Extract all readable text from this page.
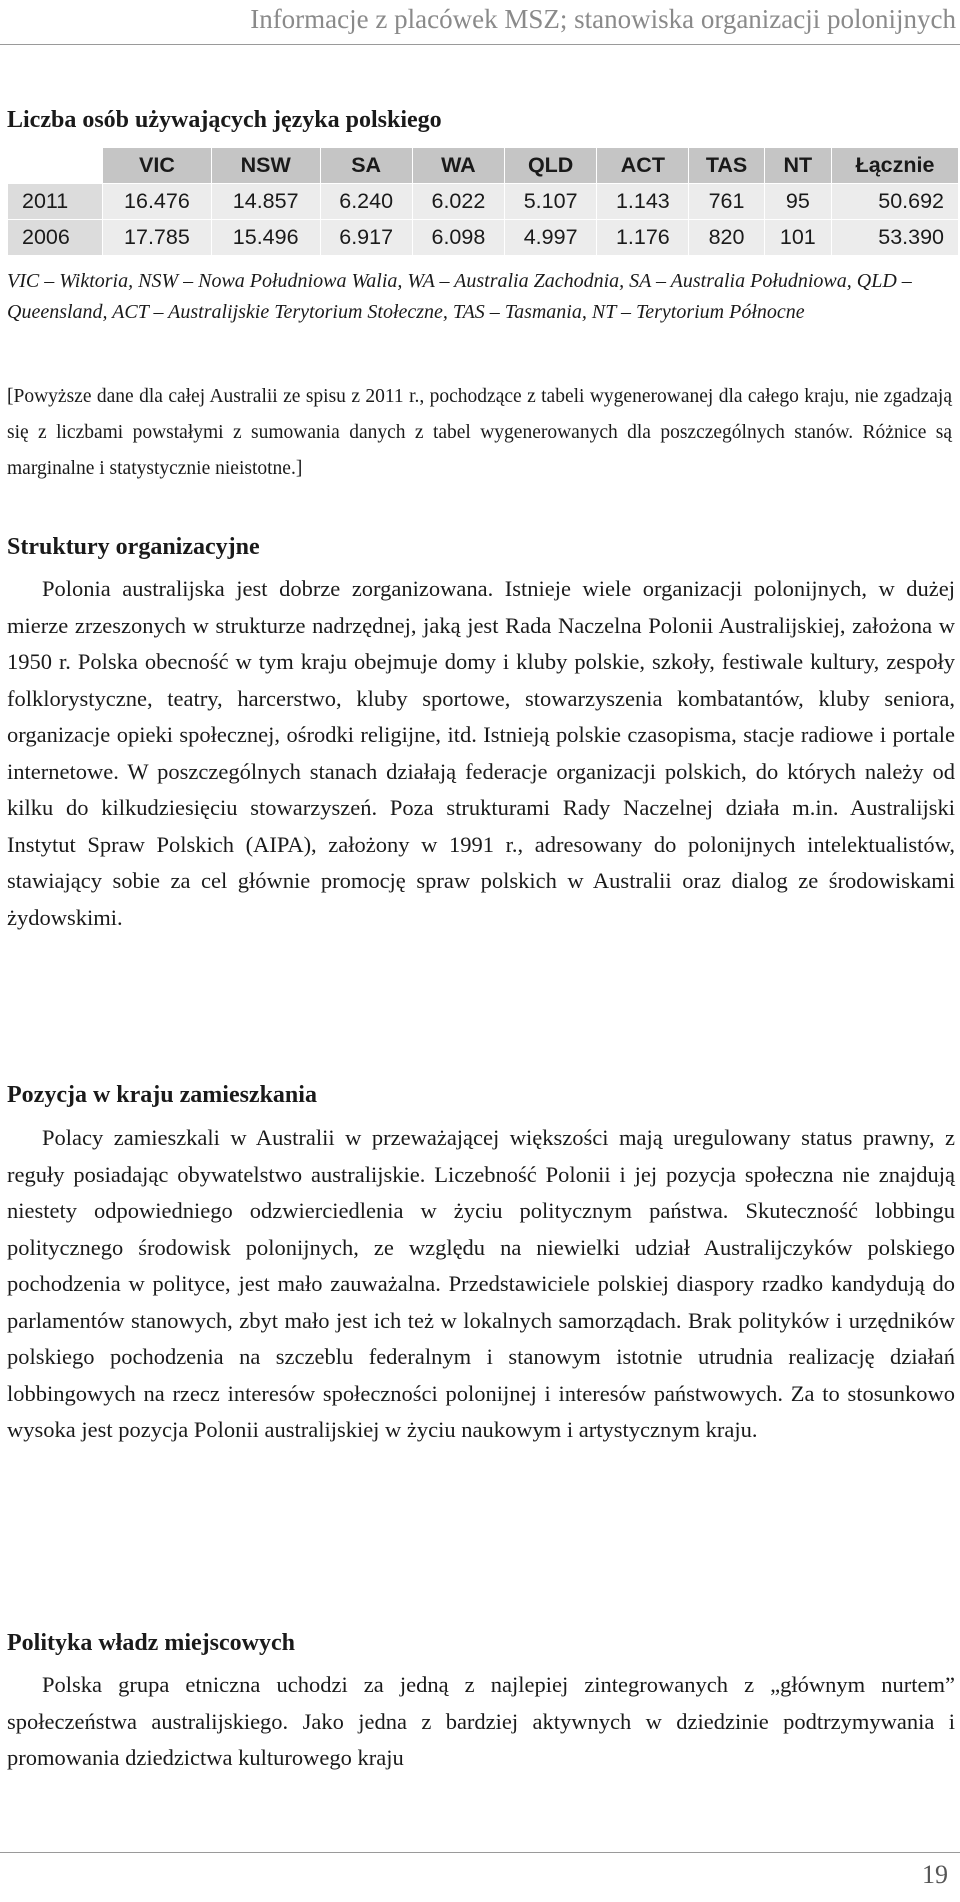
Informacje z placówek MSZ; stanowiska organizacji polonijnych
Liczba osób używających języka polskiego
	VIC	NSW	SA	WA	QLD	ACT	TAS	NT	Łącznie
2011	16.476	14.857	6.240	6.022	5.107	1.143	761	95	50.692
2006	17.785	15.496	6.917	6.098	4.997	1.176	820	101	53.390

VIC – Wiktoria, NSW – Nowa Południowa Walia, WA – Australia Zachodnia, SA – Australia Południowa, QLD – Queensland, ACT – Australijskie Terytorium Stołeczne, TAS – Tasmania, NT – Terytorium Północne

[Powyższe dane dla całej Australii ze spisu z 2011 r., pochodzące z tabeli wygenerowanej dla całego kraju, nie zgadzają się z liczbami powstałymi z sumowania danych z tabel wygenerowanych dla poszczególnych stanów. Różnice są marginalne i statystycznie nieistotne.]

Struktury organizacyjne

Polonia australijska jest dobrze zorganizowana. Istnieje wiele organizacji polonijnych, w dużej mierze zrzeszonych w strukturze nadrzędnej, jaką jest Rada Naczelna Polonii Australijskiej, założona w 1950 r. Polska obecność w tym kraju obejmuje domy i kluby polskie, szkoły, festiwale kultury, zespoły folklorystyczne, teatry, harcerstwo, kluby sportowe, stowarzyszenia kombatantów, kluby seniora, organizacje opieki społecznej, ośrodki religijne, itd. Istnieją polskie czasopisma, stacje radiowe i portale internetowe. W poszczególnych stanach działają federacje organizacji polskich, do których należy od kilku do kilkudziesięciu stowarzyszeń. Poza strukturami Rady Naczelnej działa m.in. Australijski Instytut Spraw Polskich (AIPA), założony w 1991 r., adresowany do polonijnych intelektualistów, stawiający sobie za cel głównie promocję spraw polskich w Australii oraz dialog ze środowiskami żydowskimi.

Pozycja w kraju zamieszkania

Polacy zamieszkali w Australii w przeważającej większości mają uregulowany status prawny, z reguły posiadając obywatelstwo australijskie. Liczebność Polonii i jej pozycja społeczna nie znajdują niestety odpowiedniego odzwierciedlenia w życiu politycznym państwa. Skuteczność lobbingu politycznego środowisk polonijnych, ze względu na niewielki udział Australijczyków polskiego pochodzenia w polityce, jest mało zauważalna. Przedstawiciele polskiej diaspory rzadko kandydują do parlamentów stanowych, zbyt mało jest ich też w lokalnych samorządach. Brak polityków i urzędników polskiego pochodzenia na szczeblu federalnym i stanowym istotnie utrudnia realizację działań lobbingowych na rzecz interesów społeczności polonijnej i interesów państwowych. Za to stosunkowo wysoka jest pozycja Polonii australijskiej w życiu naukowym i artystycznym kraju.

Polityka władz miejscowych

Polska grupa etniczna uchodzi za jedną z najlepiej zintegrowanych z „głównym nurtem” społeczeństwa australijskiego. Jako jedna z bardziej aktywnych w dziedzinie podtrzymywania i promowania dziedzictwa kulturowego kraju

19
